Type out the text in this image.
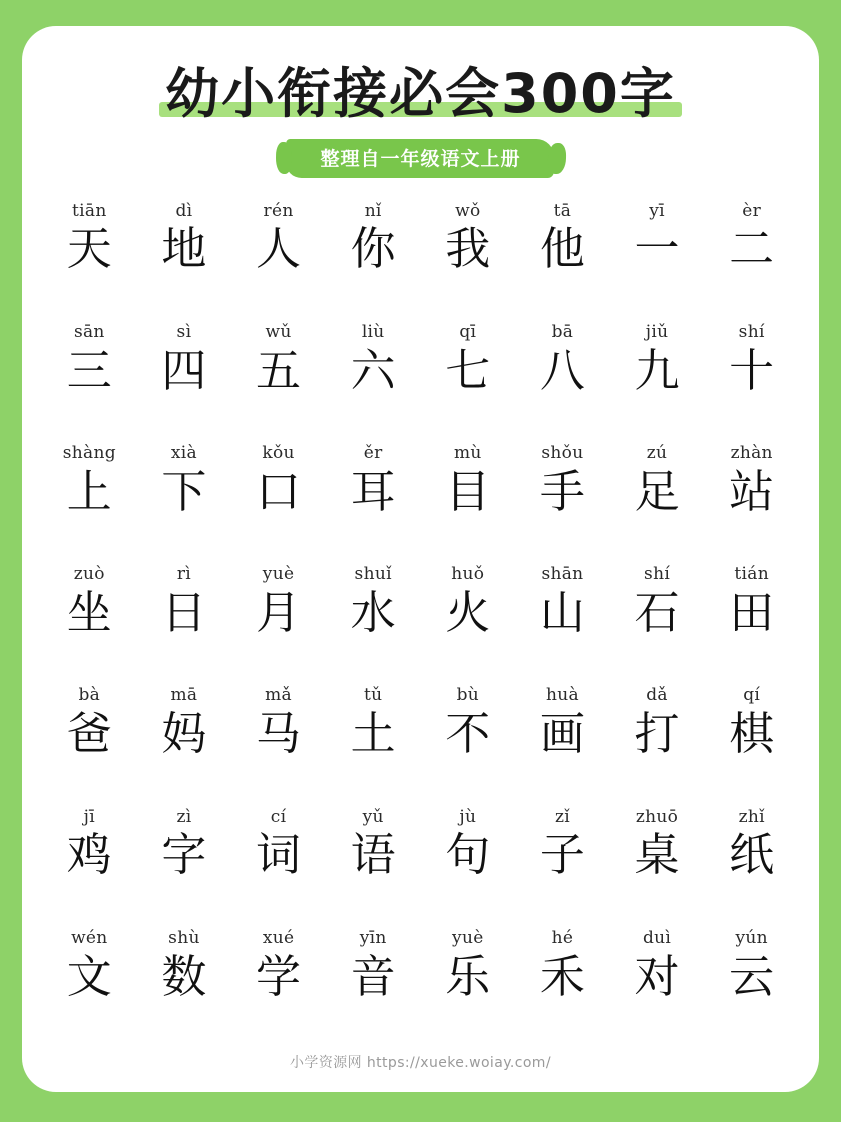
幼小衔接必会300字
整理自一年级语文上册
tiān
天
dì
地
rén
人
nǐ
你
wǒ
我
tā
他
yī
一
èr
二
sān
三
sì
四
wǔ
五
liù
六
qī
七
bā
八
jiǔ
九
shí
十
shàng
上
xià
下
kǒu
口
ěr
耳
mù
目
shǒu
手
zú
足
zhàn
站
zuò
坐
rì
日
yuè
月
shuǐ
水
huǒ
火
shān
山
shí
石
tián
田
bà
爸
mā
妈
mǎ
马
tǔ
土
bù
不
huà
画
dǎ
打
qí
棋
jī
鸡
zì
字
cí
词
yǔ
语
jù
句
zǐ
子
zhuō
桌
zhǐ
纸
wén
文
shù
数
xué
学
yīn
音
yuè
乐
hé
禾
duì
对
yún
云
小学资源网 https://xueke.woiay.com/
